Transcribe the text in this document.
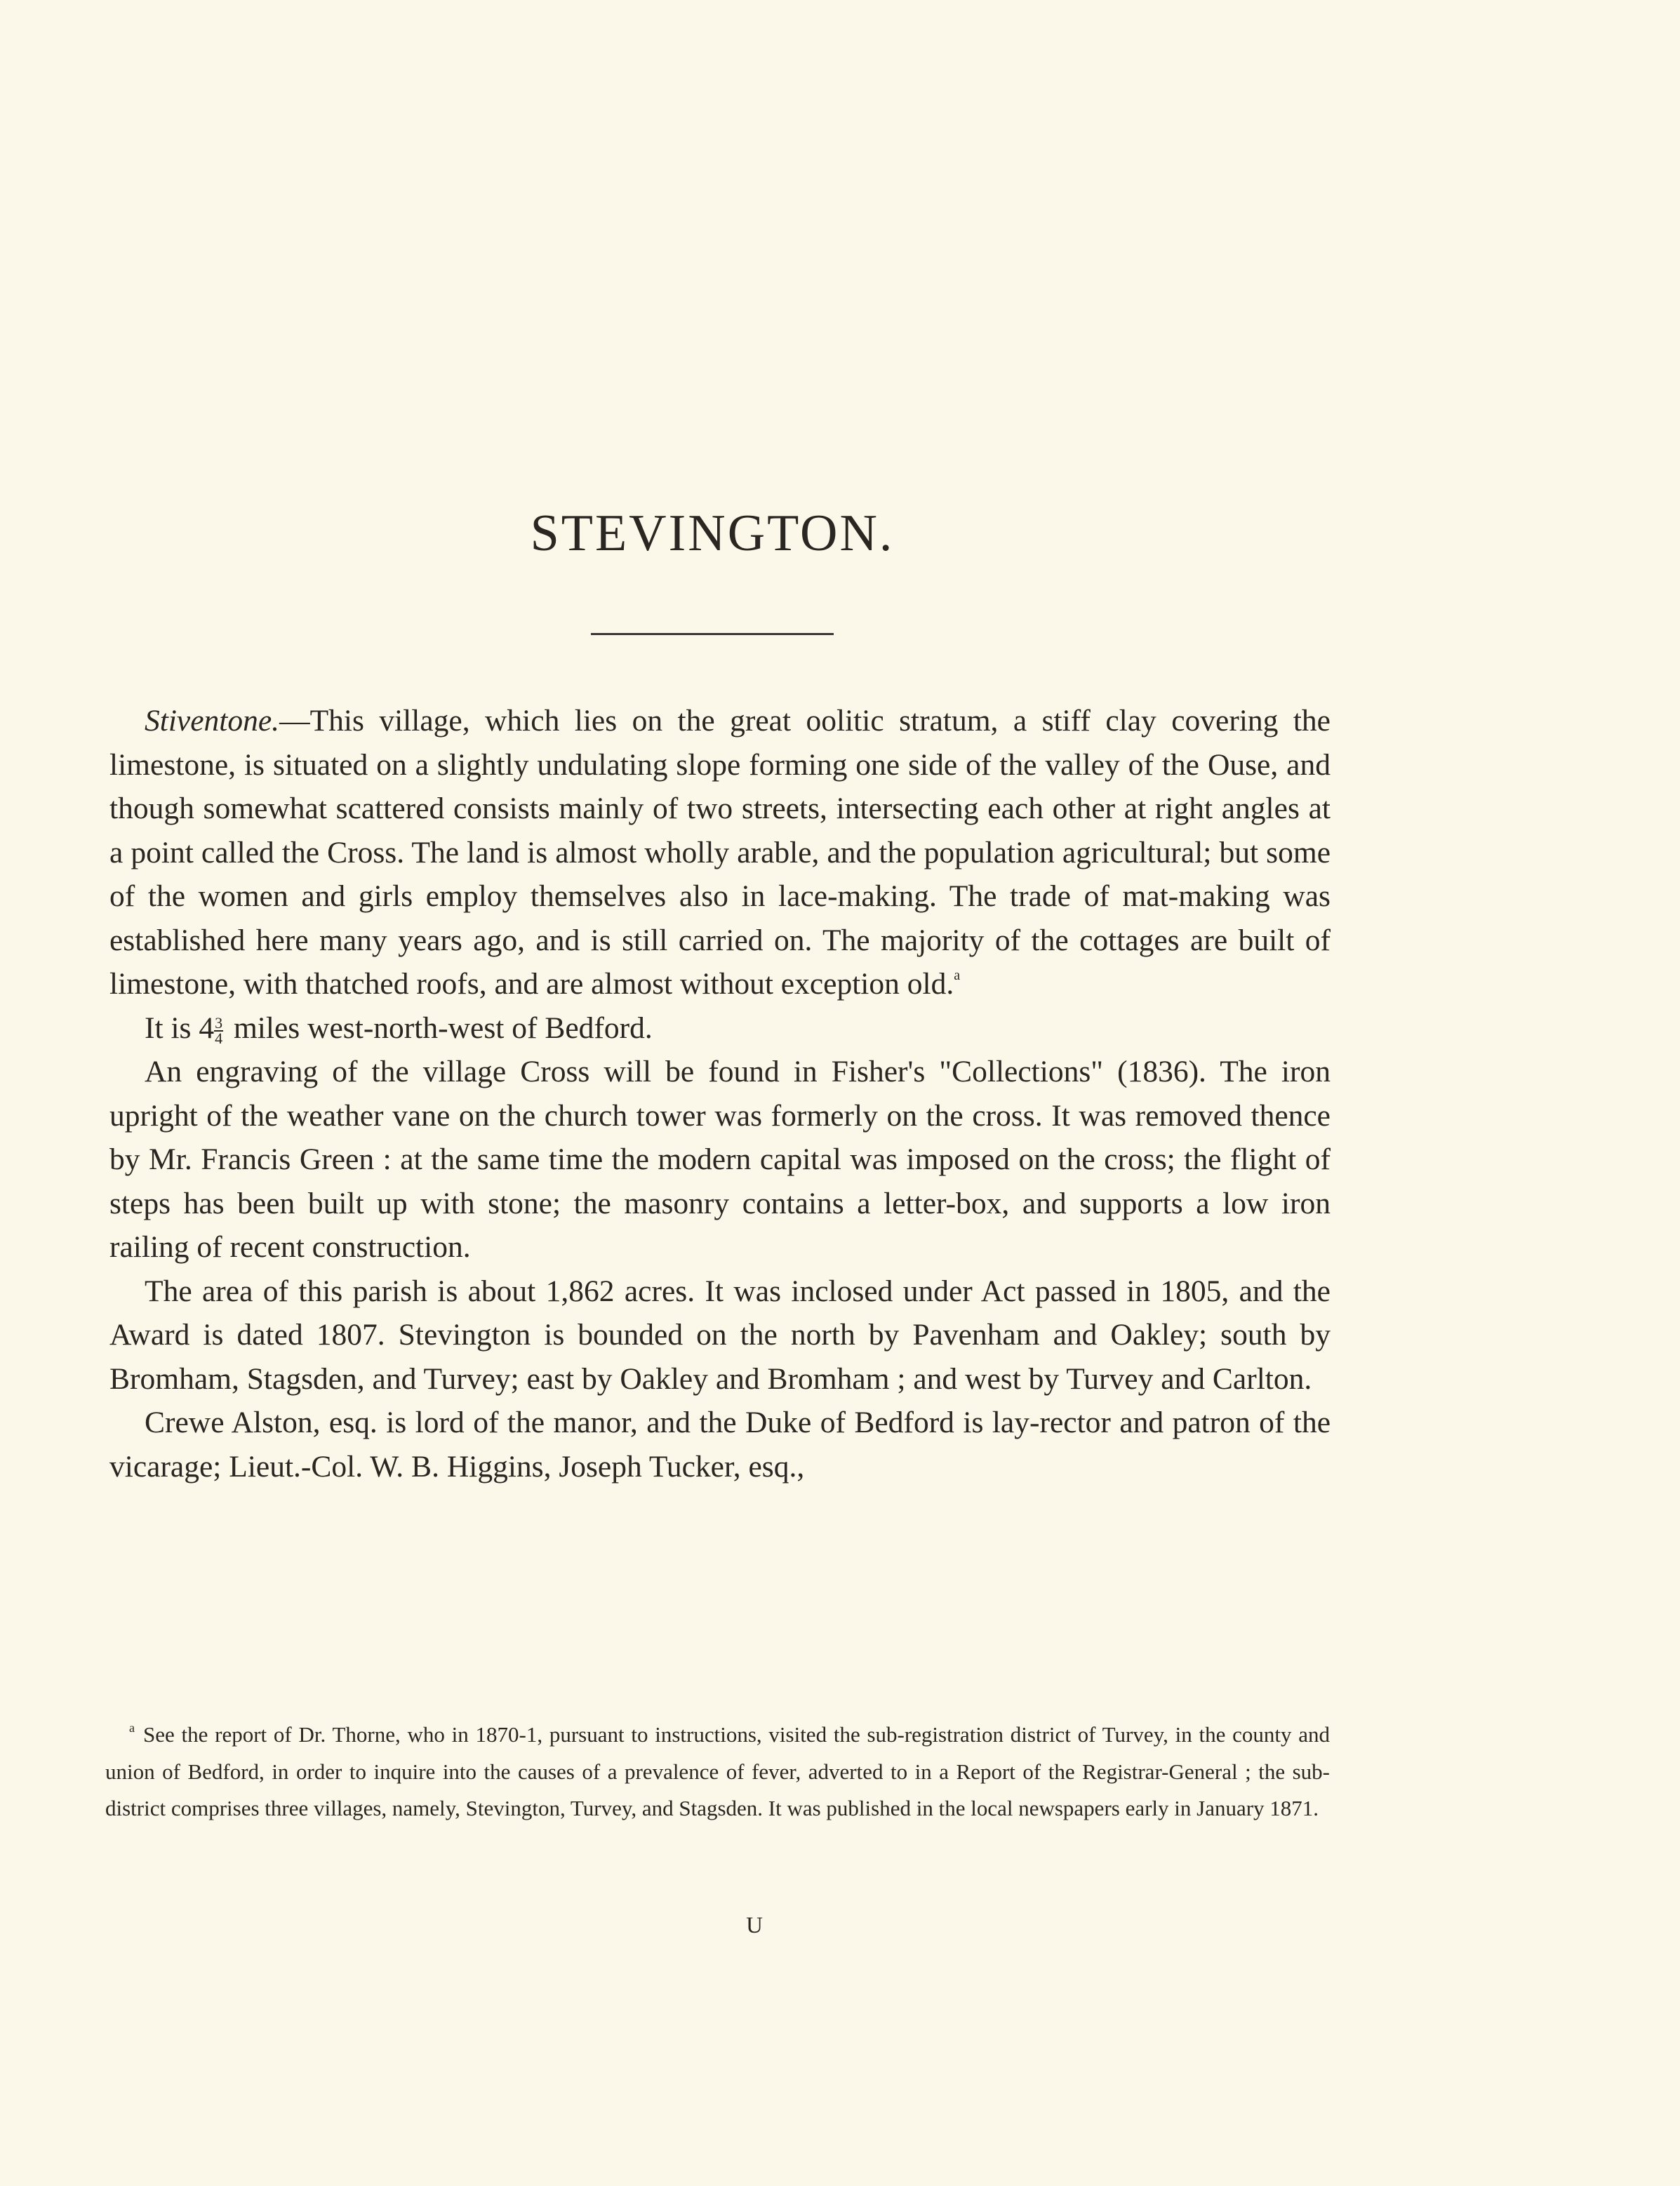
STEVINGTON.

Stiventone.—This village, which lies on the great oolitic stratum, a stiff clay covering the limestone, is situated on a slightly undulating slope forming one side of the valley of the Ouse, and though somewhat scattered consists mainly of two streets, intersecting each other at right angles at a point called the Cross. The land is almost wholly arable, and the population agricultural; but some of the women and girls employ themselves also in lace-making. The trade of mat-making was established here many years ago, and is still carried on. The majority of the cottages are built of limestone, with thatched roofs, and are almost without exception old.$^a$

It is $4 \frac{3}{4}$ miles west-north-west of Bedford.

An engraving of the village Cross will be found in Fisher's "Collections" (1836). The iron upright of the weather vane on the church tower was formerly on the cross. It was removed thence by Mr. Francis Green : at the same time the modern capital was imposed on the cross; the flight of steps has been built up with stone; the masonry contains a letter-box, and supports a low iron railing of recent construction.

The area of this parish is about 1,862 acres. It was inclosed under Act passed in 1805, and the Award is dated 1807. Stevington is bounded on the north by Pavenham and Oakley; south by Bromham, Stagsden, and Turvey; east by Oakley and Bromham ; and west by Turvey and Carlton.

Crewe Alston, esq. is lord of the manor, and the Duke of Bedford is lay-rector and patron of the vicarage; Lieut.-Col. W. B. Higgins, Joseph Tucker, esq.,

$^a$ See the report of Dr. Thorne, who in 1870-1, pursuant to instructions, visited the sub-registration district of Turvey, in the county and union of Bedford, in order to inquire into the causes of a prevalence of fever, adverted to in a Report of the Registrar-General ; the sub-district comprises three villages, namely, Stevington, Turvey, and Stagsden. It was published in the local newspapers early in January 1871.

U
